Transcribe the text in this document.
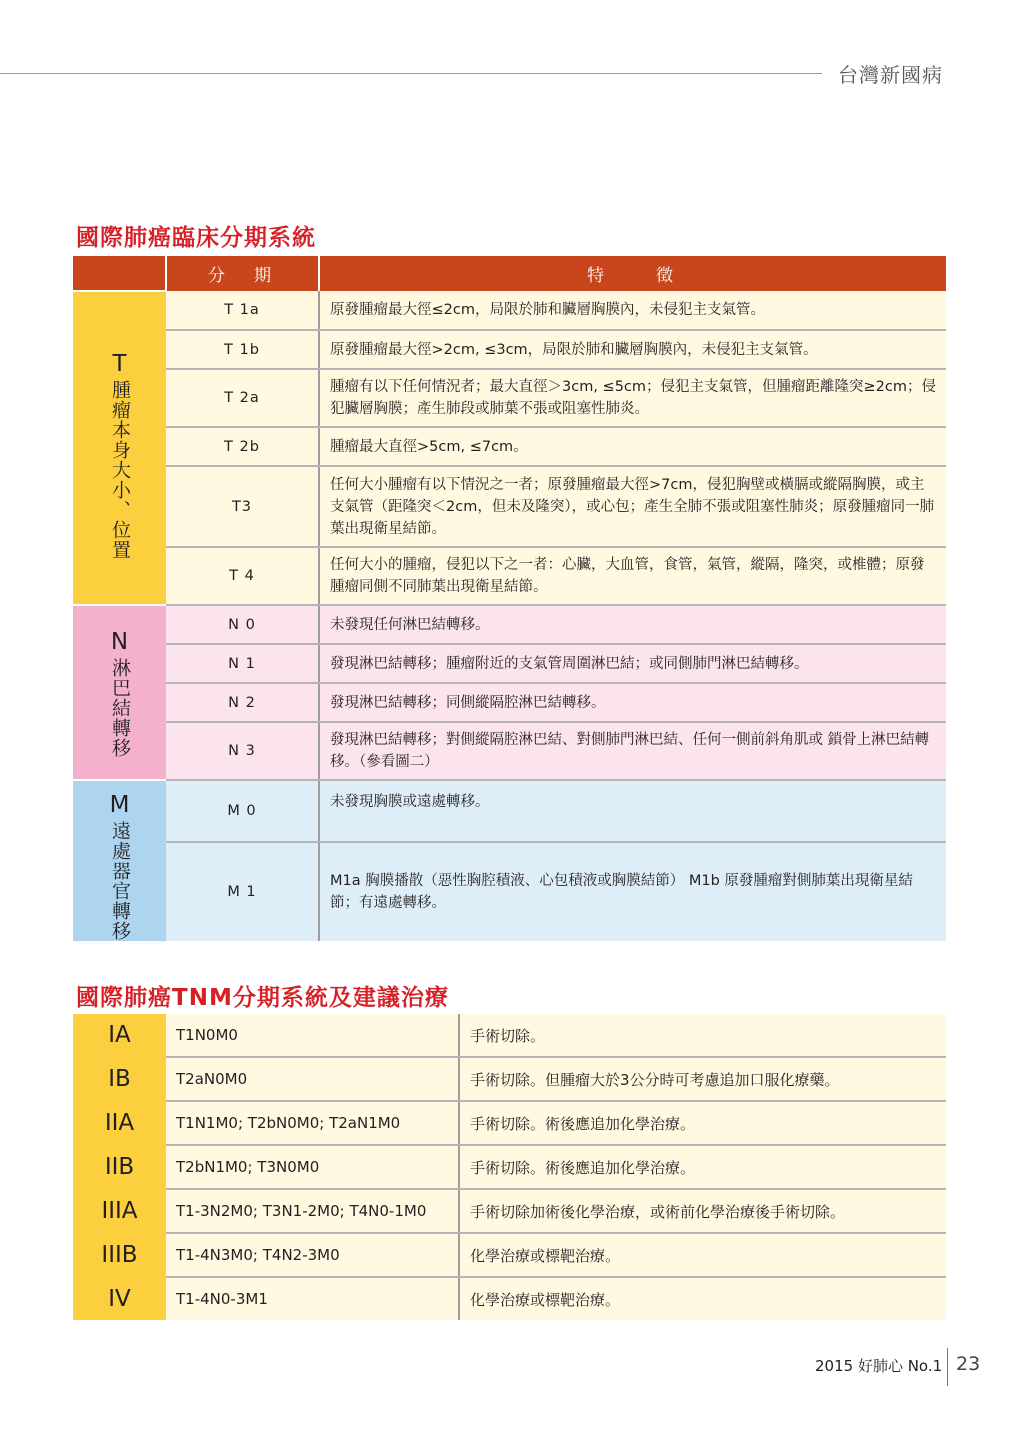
台灣新國病
國際肺癌臨床分期系統
	分　期	特　　徵

T
腫瘤本身大小、位置	T 1a	原發腫瘤最大徑≤2cm，局限於肺和臟層胸膜內，未侵犯主支氣管。
	T 1b	原發腫瘤最大徑>2cm, ≤3cm，局限於肺和臟層胸膜內，未侵犯主支氣管。
	T 2a	腫瘤有以下任何情況者；最大直徑＞3cm, ≤5cm；侵犯主支氣管，但腫瘤距離隆突≥2cm；侵犯臟層胸膜；產生肺段或肺葉不張或阻塞性肺炎。
	T 2b	腫瘤最大直徑>5cm, ≤7cm。
	T3	任何大小腫瘤有以下情況之一者；原發腫瘤最大徑>7cm，侵犯胸壁或橫膈或縱隔胸膜，或主支氣管（距隆突＜2cm，但未及隆突），或心包；產生全肺不張或阻塞性肺炎；原發腫瘤同一肺葉出現衛星結節。
	T 4	任何大小的腫瘤，侵犯以下之一者：心臟，大血管，食管，氣管，縱隔，隆突，或椎體；原發腫瘤同側不同肺葉出現衛星結節。

N
淋巴結轉移	N 0	未發現任何淋巴結轉移。
	N 1	發現淋巴結轉移；腫瘤附近的支氣管周圍淋巴結；或同側肺門淋巴結轉移。
	N 2	發現淋巴結轉移；同側縱隔腔淋巴結轉移。
	N 3	發現淋巴結轉移；對側縱隔腔淋巴結、對側肺門淋巴結、任何一側前斜角肌或 鎖骨上淋巴結轉移。（參看圖二）

M
遠處器官轉移	M 0	未發現胸膜或遠處轉移。
	M 1	M1a 胸膜播散（惡性胸腔積液、心包積液或胸膜結節） M1b 原發腫瘤對側肺葉出現衛星結節；有遠處轉移。
國際肺癌TNM分期系統及建議治療
IA	T1N0M0	手術切除。
IB	T2aN0M0	手術切除。但腫瘤大於3公分時可考慮追加口服化療藥。
IIA	T1N1M0; T2bN0M0; T2aN1M0	手術切除。術後應追加化學治療。
IIB	T2bN1M0; T3N0M0	手術切除。術後應追加化學治療。
IIIA	T1-3N2M0; T3N1-2M0; T4N0-1M0	手術切除加術後化學治療，或術前化學治療後手術切除。
IIIB	T1-4N3M0; T4N2-3M0	化學治療或標靶治療。
IV	T1-4N0-3M1	化學治療或標靶治療。
2015 好肺心 No.1 23
